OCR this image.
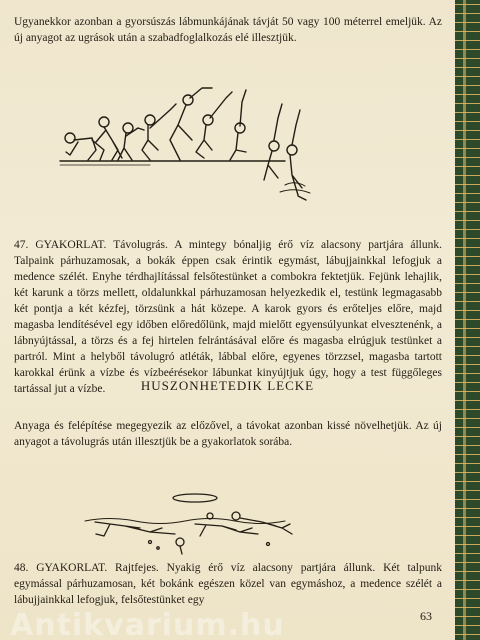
Ugyanekkor azonban a gyorsúszás lábmunkájának távját 50 vagy 100 méterrel emeljük. Az új anyagot az ugrások után a szabadfoglalkozás elé illesztjük.

47. GYAKORLAT. Távolugrás. A mintegy bónaljig érő víz alacsony partjára állunk. Talpaink párhuzamosak, a bokák éppen csak érintik egymást, lábujjainkkal lefogjuk a medence szélét. Enyhe térdhajlítással felsőtestünket a combokra fektetjük. Fejünk lehajlik, két karunk a törzs mellett, oldalunkkal párhuzamosan helyezkedik el, testünk legmagasabb két pontja a két kézfej, törzsünk a hát közepe. A karok gyors és erőteljes előre, majd magasba lendítésével egy időben előredőlünk, majd mielőtt egyensúlyunkat elvesztenénk, a lábnyújtással, a törzs és a fej hirtelen felrántásával előre és magasba elrúgjuk testünket a partról. Mint a helyből távolugró atléták, lábbal előre, egyenes törzzsel, magasba tartott karokkal érünk a vízbe és vízbeérésekor lábunkat kinyújtjuk úgy, hogy a test függőleges tartással jut a vízbe.	HUSZONHETEDIK LECKE

Anyaga és felépítése megegyezik az előzővel, a távokat azonban kissé növelhetjük. Az új anyagot a távolugrás után illesztjük be a gyakorlatok sorába.

48. GYAKORLAT. Rajtfejes. Nyakig érő víz alacsony partjára állunk. Két talpunk egymással párhuzamosan, két bokánk egészen közel van egymáshoz, a medence szélét a lábujjainkkal lefogjuk, felsőtestünket egy

Antikvarium.hu	63
